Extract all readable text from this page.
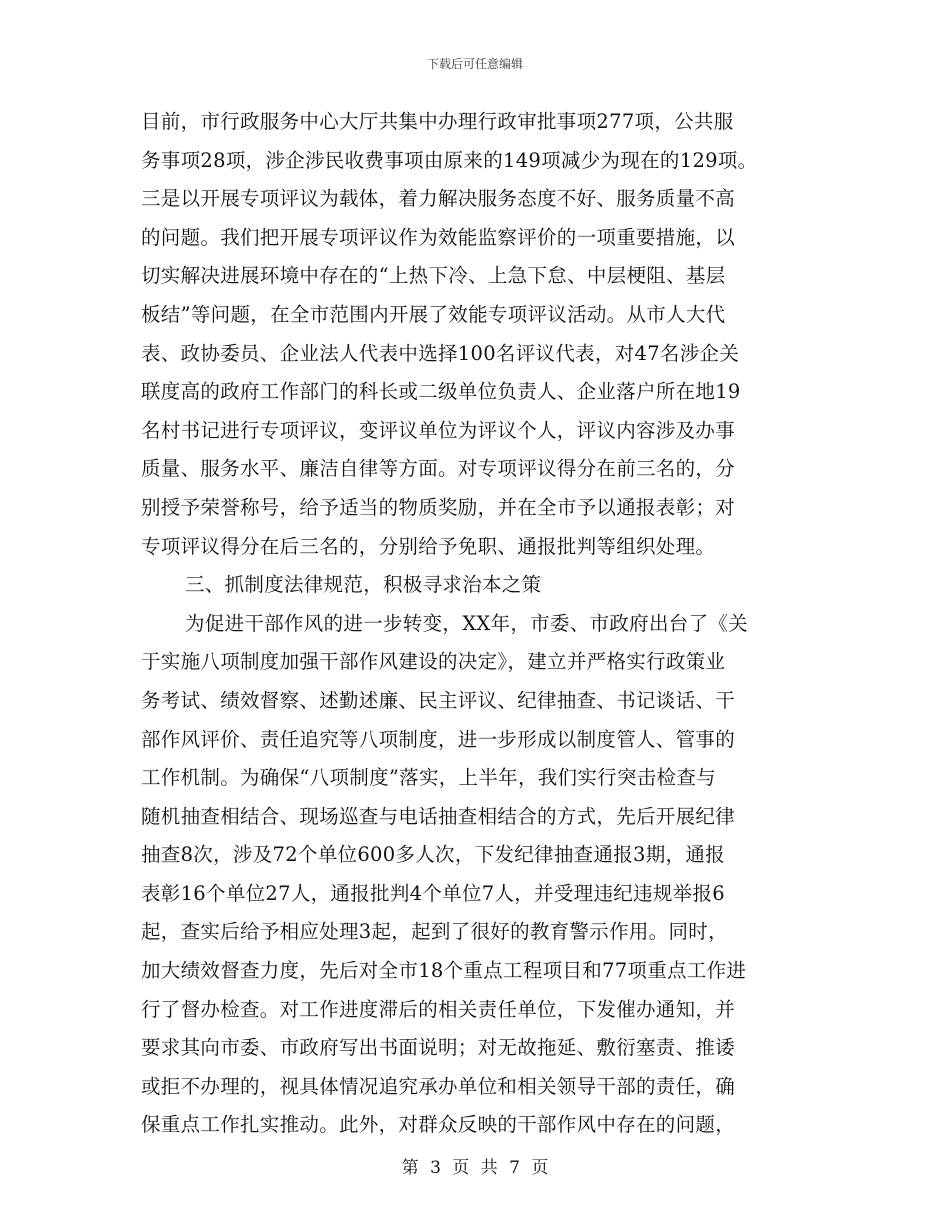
下载后可任意编辑
目前，市行政服务中心大厅共集中办理行政审批事项277项，公共服
务事项28项，涉企涉民收费事项由原来的149项减少为现在的129项。
三是以开展专项评议为载体，着力解决服务态度不好、服务质量不高
的问题。我们把开展专项评议作为效能监察评价的一项重要措施，以
切实解决进展环境中存在的“上热下冷、上急下怠、中层梗阻、基层
板结”等问题，在全市范围内开展了效能专项评议活动。从市人大代
表、政协委员、企业法人代表中选择100名评议代表，对47名涉企关
联度高的政府工作部门的科长或二级单位负责人、企业落户所在地19
名村书记进行专项评议，变评议单位为评议个人，评议内容涉及办事
质量、服务水平、廉洁自律等方面。对专项评议得分在前三名的，分
别授予荣誉称号，给予适当的物质奖励，并在全市予以通报表彰；对
专项评议得分在后三名的，分别给予免职、通报批判等组织处理。
三、抓制度法律规范，积极寻求治本之策
为促进干部作风的进一步转变，XX年，市委、市政府出台了《关
于实施八项制度加强干部作风建设的决定》，建立并严格实行政策业
务考试、绩效督察、述勤述廉、民主评议、纪律抽查、书记谈话、干
部作风评价、责任追究等八项制度，进一步形成以制度管人、管事的
工作机制。为确保“八项制度”落实，上半年，我们实行突击检查与
随机抽查相结合、现场巡查与电话抽查相结合的方式，先后开展纪律
抽查8次，涉及72个单位600多人次，下发纪律抽查通报3期，通报
表彰16个单位27人，通报批判4个单位7人，并受理违纪违规举报6
起，查实后给予相应处理3起，起到了很好的教育警示作用。同时，
加大绩效督查力度，先后对全市18个重点工程项目和77项重点工作进
行了督办检查。对工作进度滞后的相关责任单位，下发催办通知，并
要求其向市委、市政府写出书面说明；对无故拖延、敷衍塞责、推诿
或拒不办理的，视具体情况追究承办单位和相关领导干部的责任，确
保重点工作扎实推动。此外，对群众反映的干部作风中存在的问题，
第 3 页 共 7 页
